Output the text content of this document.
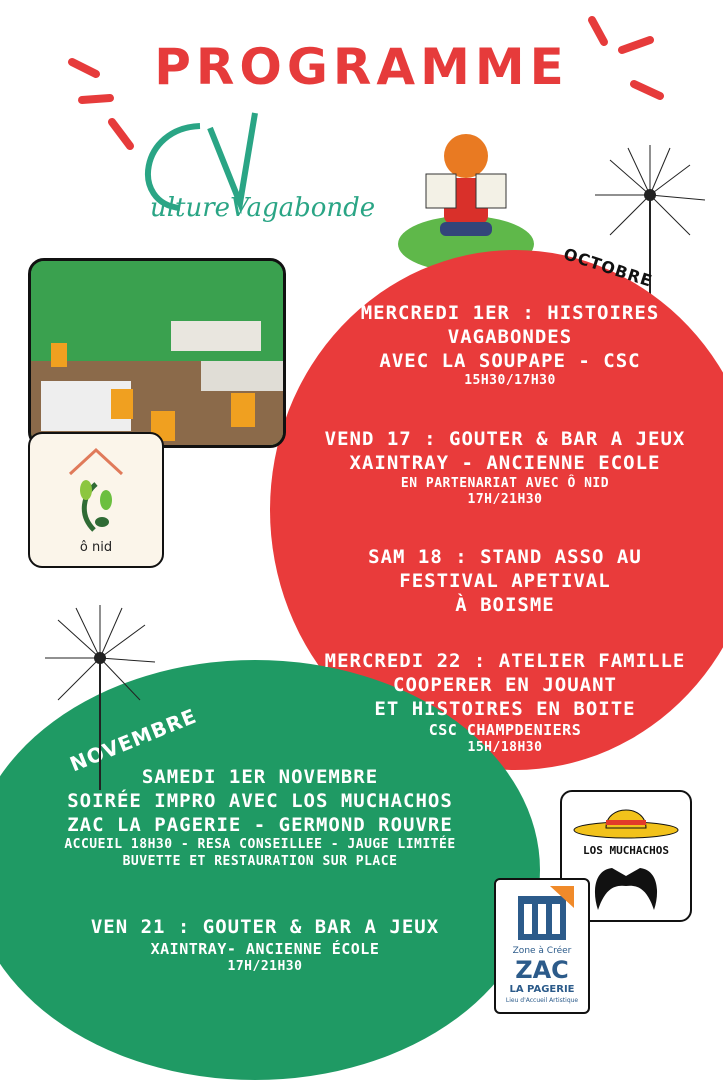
PROGRAMME
ultureVagabonde
OCTOBRE
NOVEMBRE
ô nid
MERCREDI 1ER : HISTOIRES
VAGABONDES
AVEC LA SOUPAPE - CSC
15H30/17H30
VEND 17 : GOUTER & BAR A JEUX
XAINTRAY - ANCIENNE ECOLE
EN PARTENARIAT AVEC Ô NID
17H/21H30
SAM 18 : STAND ASSO AU
FESTIVAL APETIVAL
À BOISME
MERCREDI 22 : ATELIER FAMILLE
COOPERER EN JOUANT
ET HISTOIRES EN BOITE
CSC CHAMPDENIERS
15H/18H30
SAMEDI 1ER NOVEMBRE
SOIRÉE IMPRO AVEC LOS MUCHACHOS
ZAC LA PAGERIE - GERMOND ROUVRE
ACCUEIL 18H30 - RESA CONSEILLEE - JAUGE LIMITÉE
BUVETTE ET RESTAURATION SUR PLACE
VEN 21 : GOUTER & BAR A JEUX
XAINTRAY- ANCIENNE ÉCOLE
17H/21H30
LOS MUCHACHOS
Zone à Créer
ZAC
LA PAGERIE
Lieu d'Accueil Artistique
